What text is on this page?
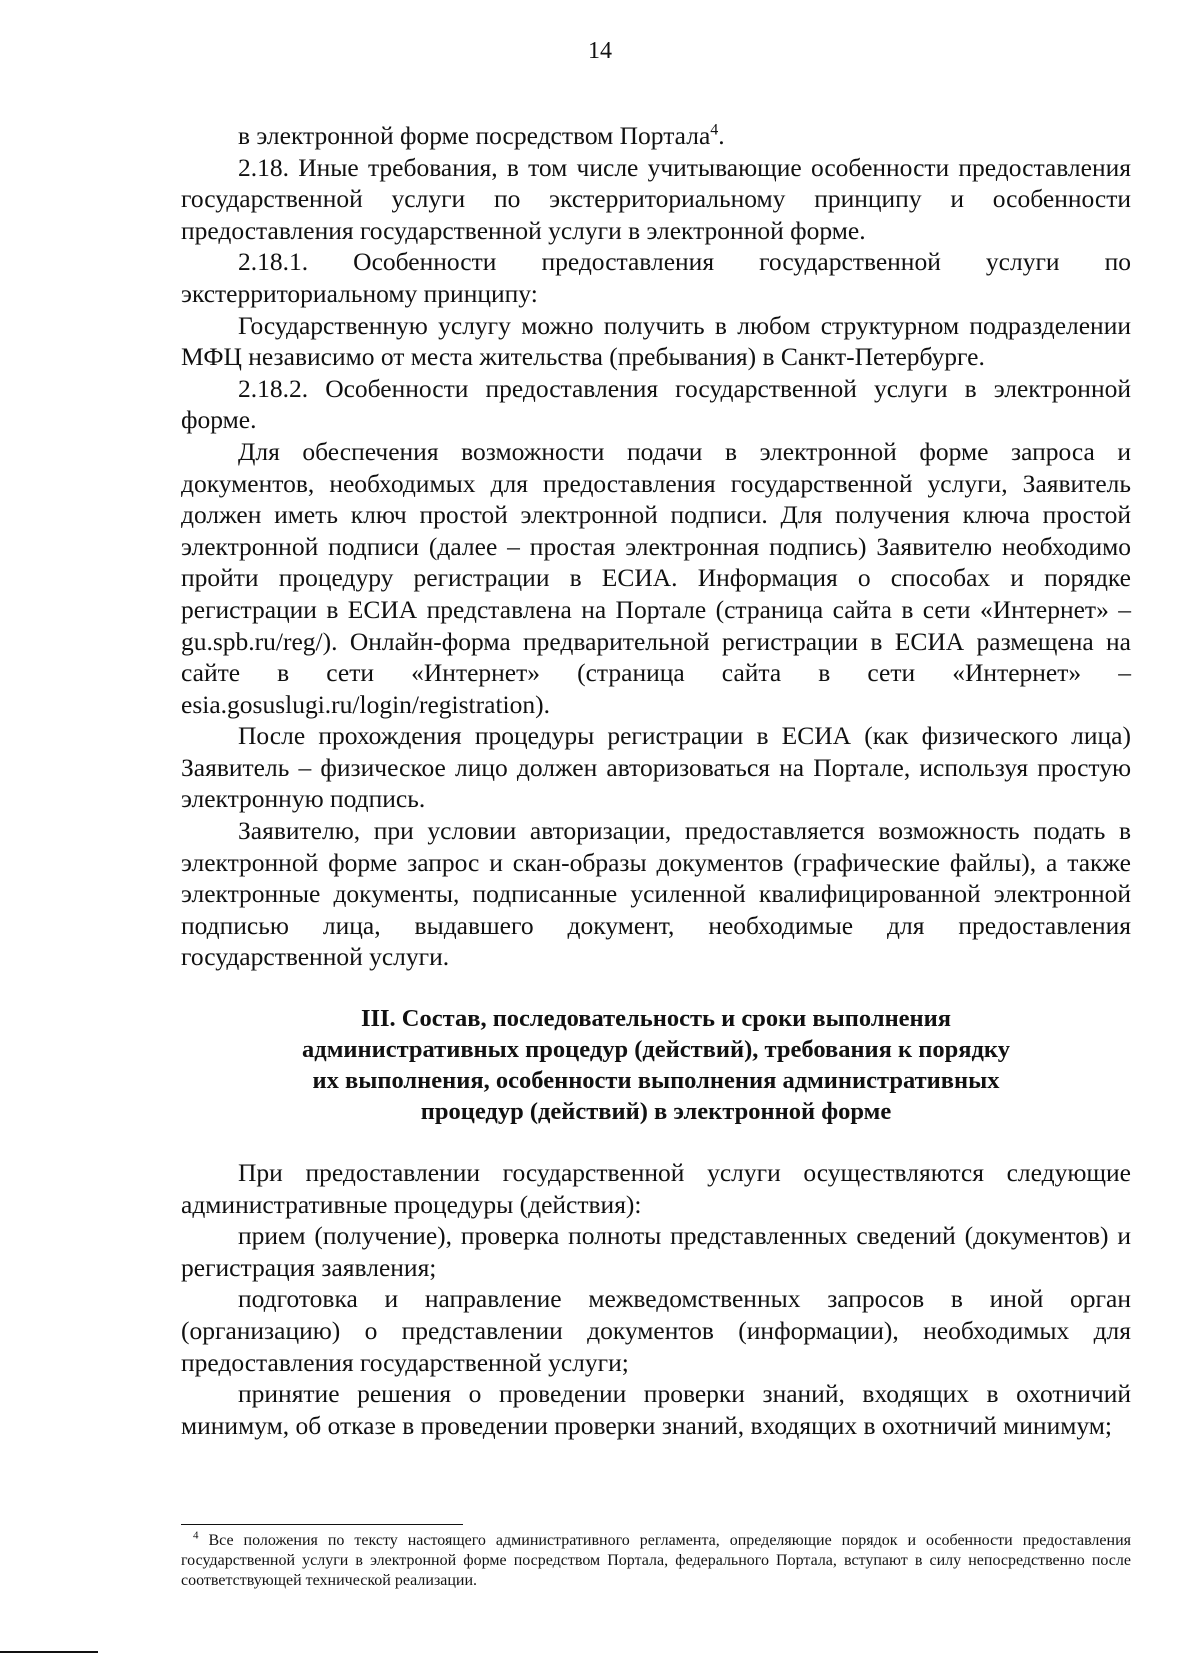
14

в электронной форме посредством Портала$^4$.

2.18. Иные требования, в том числе учитывающие особенности предоставления государственной услуги по экстерриториальному принципу и особенности предоставления государственной услуги в электронной форме.

2.18.1. Особенности предоставления государственной услуги по экстерриториальному принципу:

Государственную услугу можно получить в любом структурном подразделении МФЦ независимо от места жительства (пребывания) в Санкт-Петербурге.

2.18.2. Особенности предоставления государственной услуги в электронной форме.

Для обеспечения возможности подачи в электронной форме запроса и документов, необходимых для предоставления государственной услуги, Заявитель должен иметь ключ простой электронной подписи. Для получения ключа простой электронной подписи (далее – простая электронная подпись) Заявителю необходимо пройти процедуру регистрации в ЕСИА. Информация о способах и порядке регистрации в ЕСИА представлена на Портале (страница сайта в сети «Интернет» – gu.spb.ru/reg/). Онлайн-форма предварительной регистрации в ЕСИА размещена на сайте в сети «Интернет» (страница сайта в сети «Интернет» – esia.gosuslugi.ru/login/registration).

После прохождения процедуры регистрации в ЕСИА (как физического лица) Заявитель – физическое лицо должен авторизоваться на Портале, используя простую электронную подпись.

Заявителю, при условии авторизации, предоставляется возможность подать в электронной форме запрос и скан-образы документов (графические файлы), а также электронные документы, подписанные усиленной квалифицированной электронной подписью лица, выдавшего документ, необходимые для предоставления государственной услуги.

III. Состав, последовательность и сроки выполнения
административных процедур (действий), требования к порядку
их выполнения, особенности выполнения административных
процедур (действий) в электронной форме

При предоставлении государственной услуги осуществляются следующие административные процедуры (действия):

прием (получение), проверка полноты представленных сведений (документов) и регистрация заявления;

подготовка и направление межведомственных запросов в иной орган (организацию) о представлении документов (информации), необходимых для предоставления государственной услуги;

принятие решения о проведении проверки знаний, входящих в охотничий минимум, об отказе в проведении проверки знаний, входящих в охотничий минимум;

$^4$ Все положения по тексту настоящего административного регламента, определяющие порядок и особенности предоставления государственной услуги в электронной форме посредством Портала, федерального Портала, вступают в силу непосредственно после соответствующей технической реализации.
